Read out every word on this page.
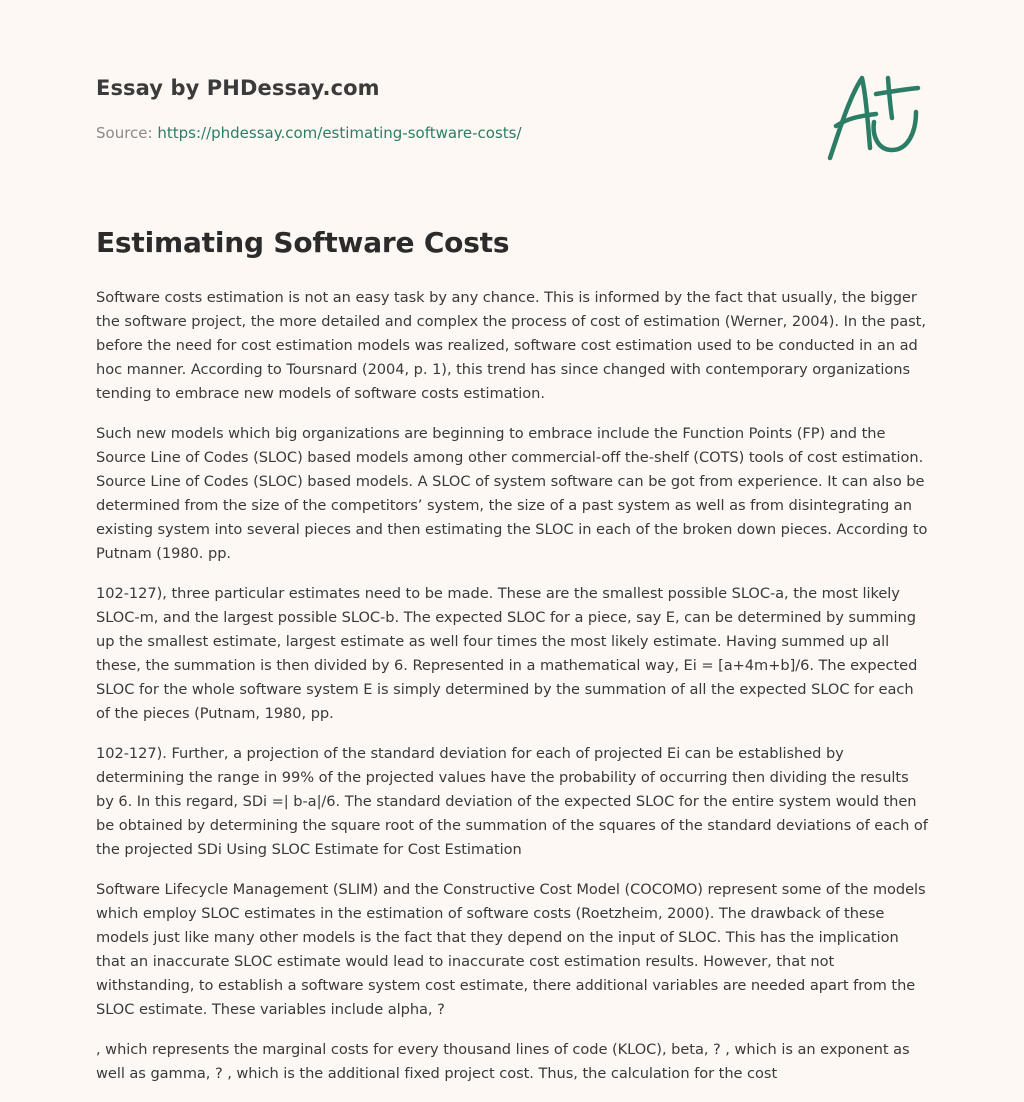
Essay by PHDessay.com

Source: https://phdessay.com/estimating-software-costs/

Estimating Software Costs

Software costs estimation is not an easy task by any chance. This is informed by the fact that usually, the bigger the software project, the more detailed and complex the process of cost of estimation (Werner, 2004). In the past, before the need for cost estimation models was realized, software cost estimation used to be conducted in an ad hoc manner. According to Toursnard (2004, p. 1), this trend has since changed with contemporary organizations tending to embrace new models of software costs estimation.

Such new models which big organizations are beginning to embrace include the Function Points (FP) and the Source Line of Codes (SLOC) based models among other commercial-off the-shelf (COTS) tools of cost estimation. Source Line of Codes (SLOC) based models. A SLOC of system software can be got from experience. It can also be determined from the size of the competitors’ system, the size of a past system as well as from disintegrating an existing system into several pieces and then estimating the SLOC in each of the broken down pieces. According to Putnam (1980. pp.

102-127), three particular estimates need to be made. These are the smallest possible SLOC-a, the most likely SLOC-m, and the largest possible SLOC-b. The expected SLOC for a piece, say E, can be determined by summing up the smallest estimate, largest estimate as well four times the most likely estimate. Having summed up all these, the summation is then divided by 6. Represented in a mathematical way, Ei = [a+4m+b]/6. The expected SLOC for the whole software system E is simply determined by the summation of all the expected SLOC for each of the pieces (Putnam, 1980, pp.

102-127). Further, a projection of the standard deviation for each of projected Ei can be established by determining the range in 99% of the projected values have the probability of occurring then dividing the results by 6. In this regard, SDi =| b-a|/6. The standard deviation of the expected SLOC for the entire system would then be obtained by determining the square root of the summation of the squares of the standard deviations of each of the projected SDi Using SLOC Estimate for Cost Estimation

Software Lifecycle Management (SLIM) and the Constructive Cost Model (COCOMO) represent some of the models which employ SLOC estimates in the estimation of software costs (Roetzheim, 2000). The drawback of these models just like many other models is the fact that they depend on the input of SLOC. This has the implication that an inaccurate SLOC estimate would lead to inaccurate cost estimation results. However, that not withstanding, to establish a software system cost estimate, there additional variables are needed apart from the SLOC estimate. These variables include alpha, ?

, which represents the marginal costs for every thousand lines of code (KLOC), beta, ? , which is an exponent as well as gamma, ? , which is the additional fixed project cost. Thus, the calculation for the cost
